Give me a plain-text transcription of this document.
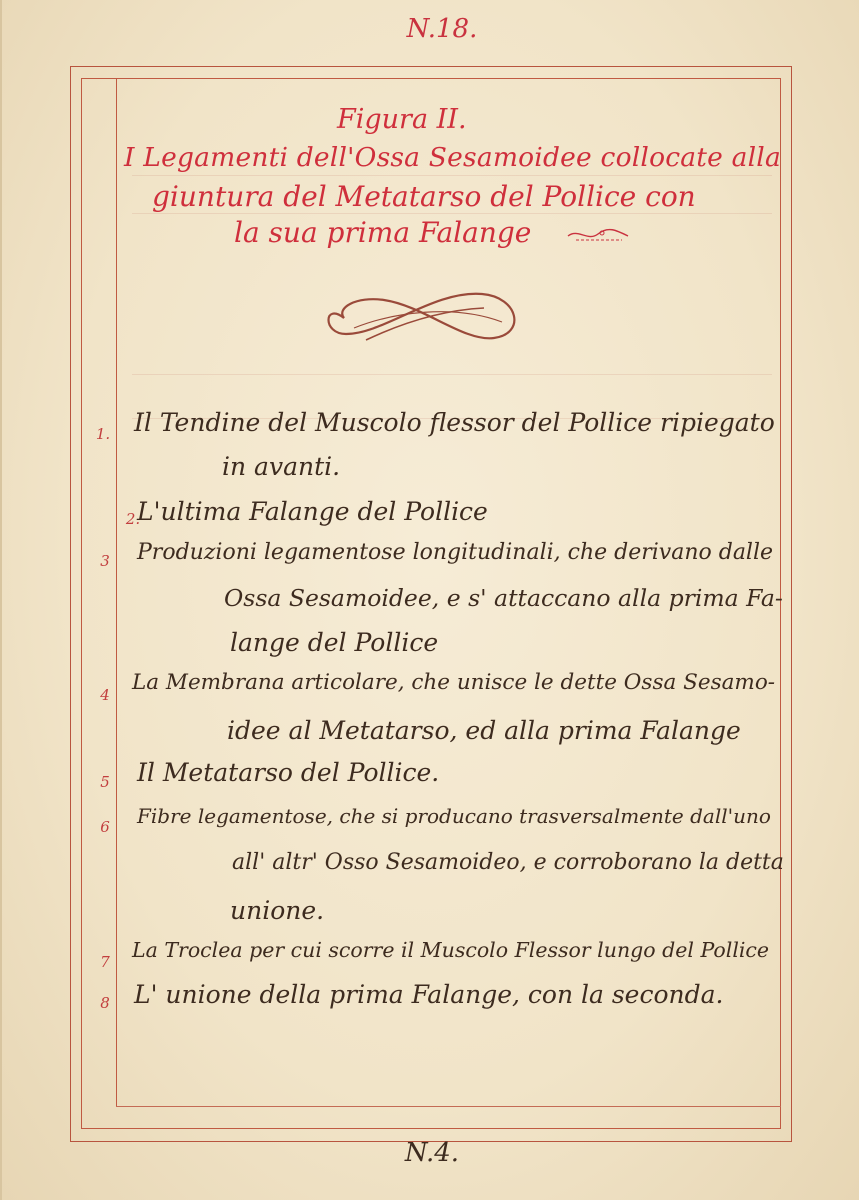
N.18.
Figura II.
I Legamenti dell'Ossa Sesamoidee collocate alla
giuntura del Metatarso del Pollice con
la sua prima Falange
1. Il Tendine del Muscolo flessor del Pollice ripiegato
in avanti.
2.
L'ultima Falange del Pollice
3	Produzioni legamentose longitudinali, che derivano dalle
Ossa Sesamoidee, e s' attaccano alla prima Fa-
lange del Pollice
4	La Membrana articolare, che unisce le dette Ossa Sesamo-
idee al Metatarso, ed alla prima Falange
5	Il Metatarso del Pollice.
6	Fibre legamentose, che si producano trasversalmente dall'uno
all' altr' Osso Sesamoideo, e corroborano la detta
unione.
7	La Troclea per cui scorre il Muscolo Flessor lungo del Pollice
8 L' unione della prima Falange, con la seconda.
N.4.
